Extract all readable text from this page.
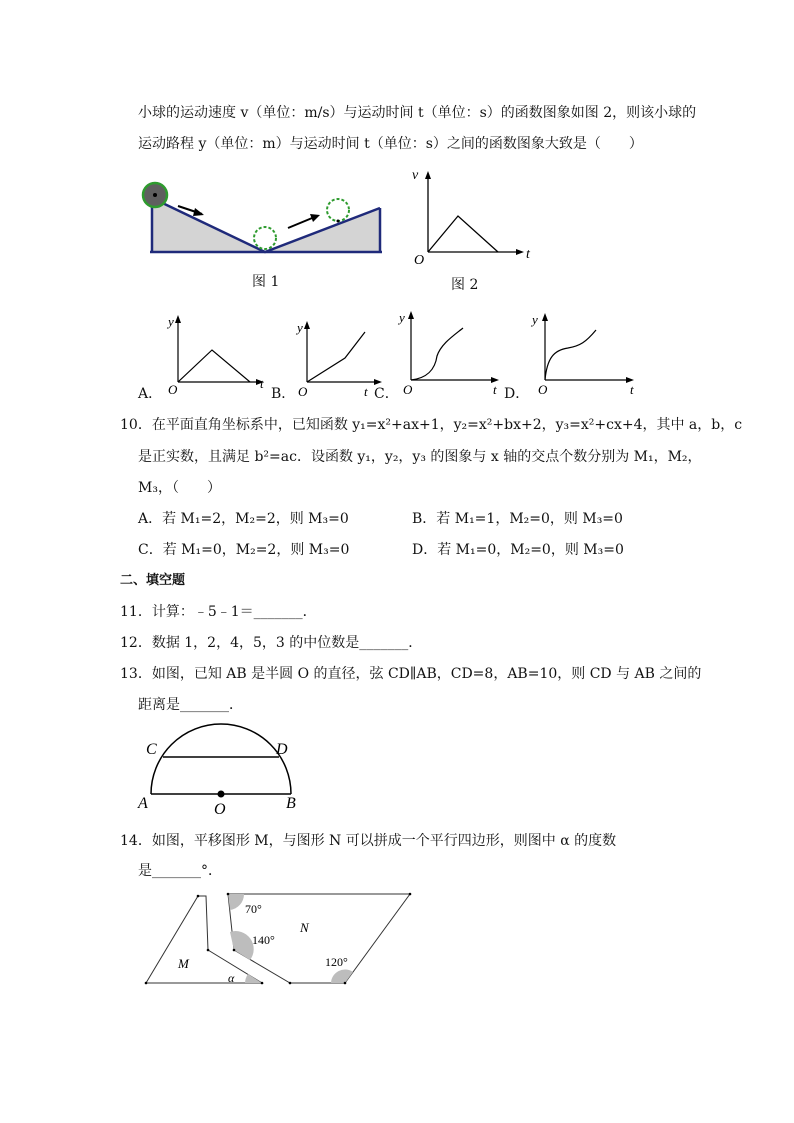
小球的运动速度 v（单位：m/s）与运动时间 t（单位：s）的函数图象如图 2，则该小球的
运动路程 y（单位：m）与运动时间 t（单位：s）之间的函数图象大致是（　　）
图 1
v
t
O
图 2
y
t
O
y
t
O
y
t
O
y
t
O
A．	B．	C．	D．
10．在平面直角坐标系中，已知函数 y₁=x²+ax+1，y₂=x²+bx+2，y₃=x²+cx+4，其中 a，b，c
是正实数，且满足 b²=ac．设函数 y₁，y₂，y₃ 的图象与 x 轴的交点个数分别为 M₁，M₂，
M₃，（　　）
A．若 M₁=2，M₂=2，则 M₃=0	B．若 M₁=1，M₂=0，则 M₃=0
C．若 M₁=0，M₂=2，则 M₃=0	D．若 M₁=0，M₂=0，则 M₃=0
二、填空题
11．计算：﹣5﹣1＝_______．
12．数据 1，2，4，5，3 的中位数是_______．
13．如图，已知 AB 是半圆 O 的直径，弦 CD∥AB，CD=8，AB=10，则 CD 与 AB 之间的
距离是_______．
C	D
A	B
O
14．如图，平移图形 M，与图形 N 可以拼成一个平行四边形，则图中 α 的度数
是_______°．
M
N
α
70°
140°
120°
